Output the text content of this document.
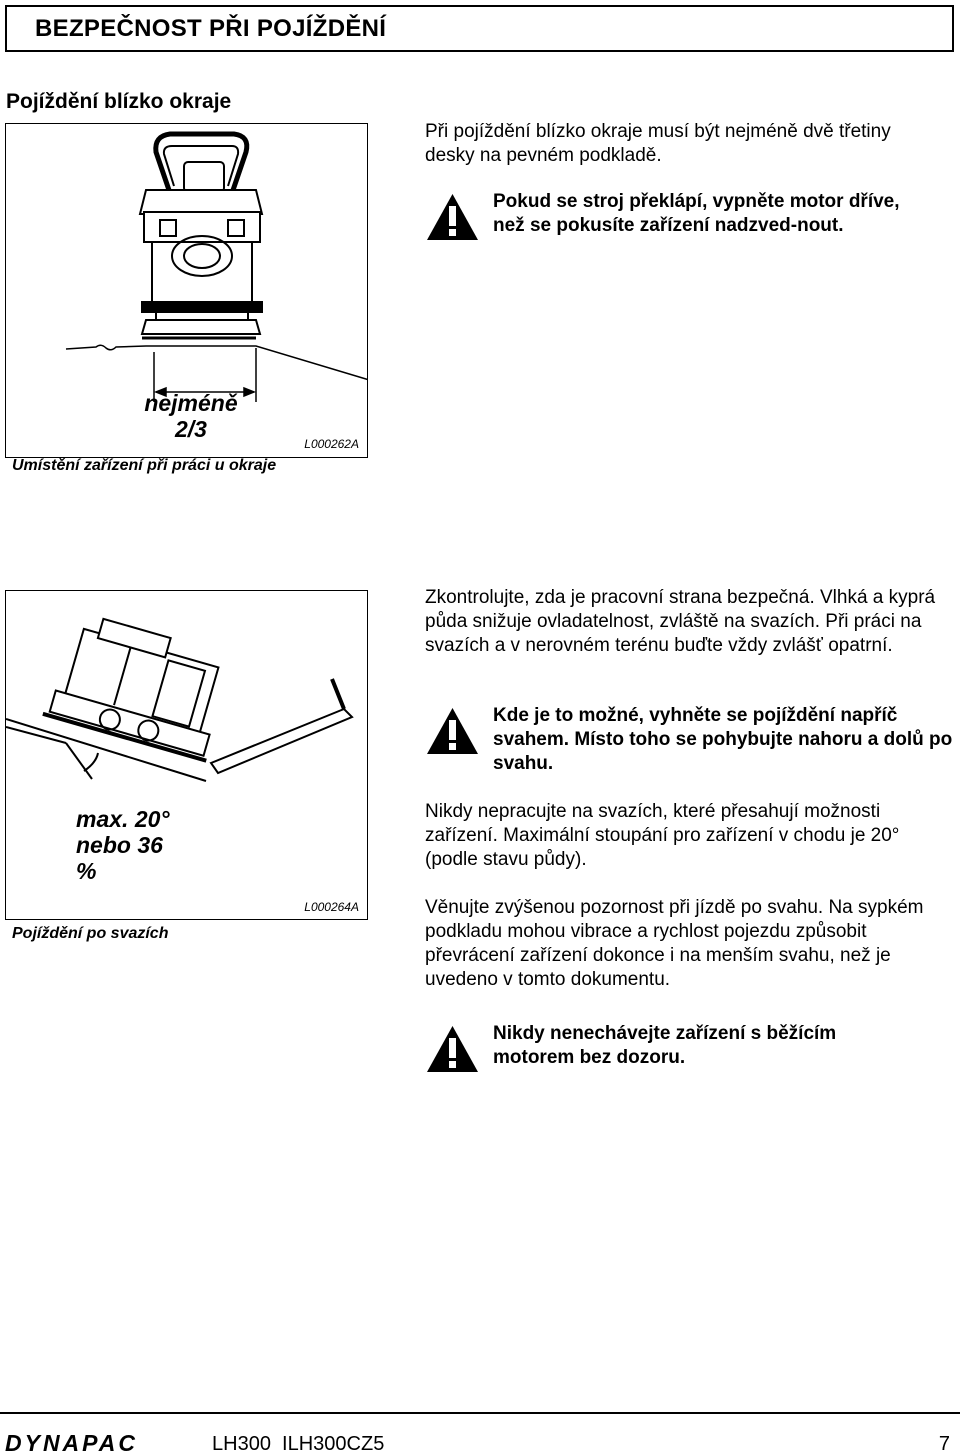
BEZPEČNOST PŘI POJÍŽDĚNÍ
Pojíždění blízko okraje
nejméně
2/3
L000262A
Umístění zařízení při práci u okraje
max. 20°
nebo 36 %
L000264A
Pojíždění po svazích

Při pojíždění blízko okraje musí být nejméně dvě třetiny desky na pevném podkladě.

Pokud se stroj překlápí, vypněte motor dříve, než se pokusíte zařízení nadzved-nout.

Zkontrolujte, zda je pracovní strana bezpečná. Vlhká a kyprá půda snižuje ovladatelnost, zvláště na svazích. Při práci na svazích a v nerovném terénu buďte vždy zvlášť opatrní.

Kde je to možné, vyhněte se pojíždění napříč svahem. Místo toho se pohybujte nahoru a dolů po svahu.

Nikdy nepracujte na svazích, které přesahují možnosti zařízení. Maximální stoupání pro zařízení v chodu je 20° (podle stavu půdy).

Věnujte zvýšenou pozornost při jízdě po svahu. Na sypkém podkladu mohou vibrace a rychlost pojezdu způsobit převrácení zařízení dokonce i na menším svahu, než je uvedeno v tomto dokumentu.

Nikdy nenechávejte zařízení s běžícím motorem bez dozoru.

DYNAPAC	LH300  ILH300CZ5	7
